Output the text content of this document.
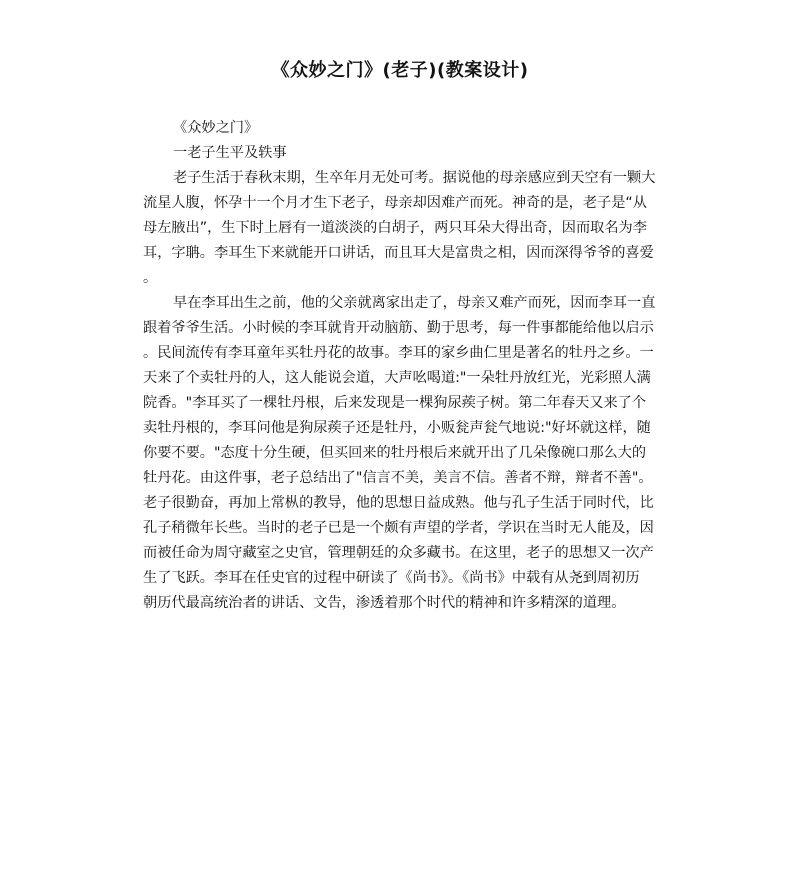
《众妙之门》(老子)(教案设计)
《众妙之门》
一老子生平及轶事
老子生活于春秋末期，生卒年月无处可考。据说他的母亲感应到天空有一颗大
流星人腹，怀孕十一个月才生下老子，母亲却因难产而死。神奇的是，老子是“从
母左腋出”，生下时上唇有一道淡淡的白胡子，两只耳朵大得出奇，因而取名为李
耳，字聃。李耳生下来就能开口讲话，而且耳大是富贵之相，因而深得爷爷的喜爱
。
早在李耳出生之前，他的父亲就离家出走了，母亲又难产而死，因而李耳一直
跟着爷爷生活。小时候的李耳就肯开动脑筋、勤于思考，每一件事都能给他以启示
。民间流传有李耳童年买牡丹花的故事。李耳的家乡曲仁里是著名的牡丹之乡。一
天来了个卖牡丹的人，这人能说会道，大声吆喝道:"一朵牡丹放红光，光彩照人满
院香。"李耳买了一棵牡丹根，后来发现是一棵狗尿蒺子树。第二年春天又来了个
卖牡丹根的，李耳问他是狗尿蒺子还是牡丹，小贩瓮声瓮气地说:"好坏就这样，随
你要不要。"态度十分生硬，但买回来的牡丹根后来就开出了几朵像碗口那么大的
牡丹花。由这件事，老子总结出了"信言不美，美言不信。善者不辩，辩者不善"。
老子很勤奋，再加上常枞的教导，他的思想日益成熟。他与孔子生活于同时代，比
孔子稍微年长些。当时的老子已是一个颇有声望的学者，学识在当时无人能及，因
而被任命为周守藏室之史官，管理朝廷的众多藏书。在这里，老子的思想又一次产
生了飞跃。李耳在任史官的过程中研读了《尚书》。《尚书》中载有从尧到周初历
朝历代最高统治者的讲话、文告，渗透着那个时代的精神和许多精深的道理。
